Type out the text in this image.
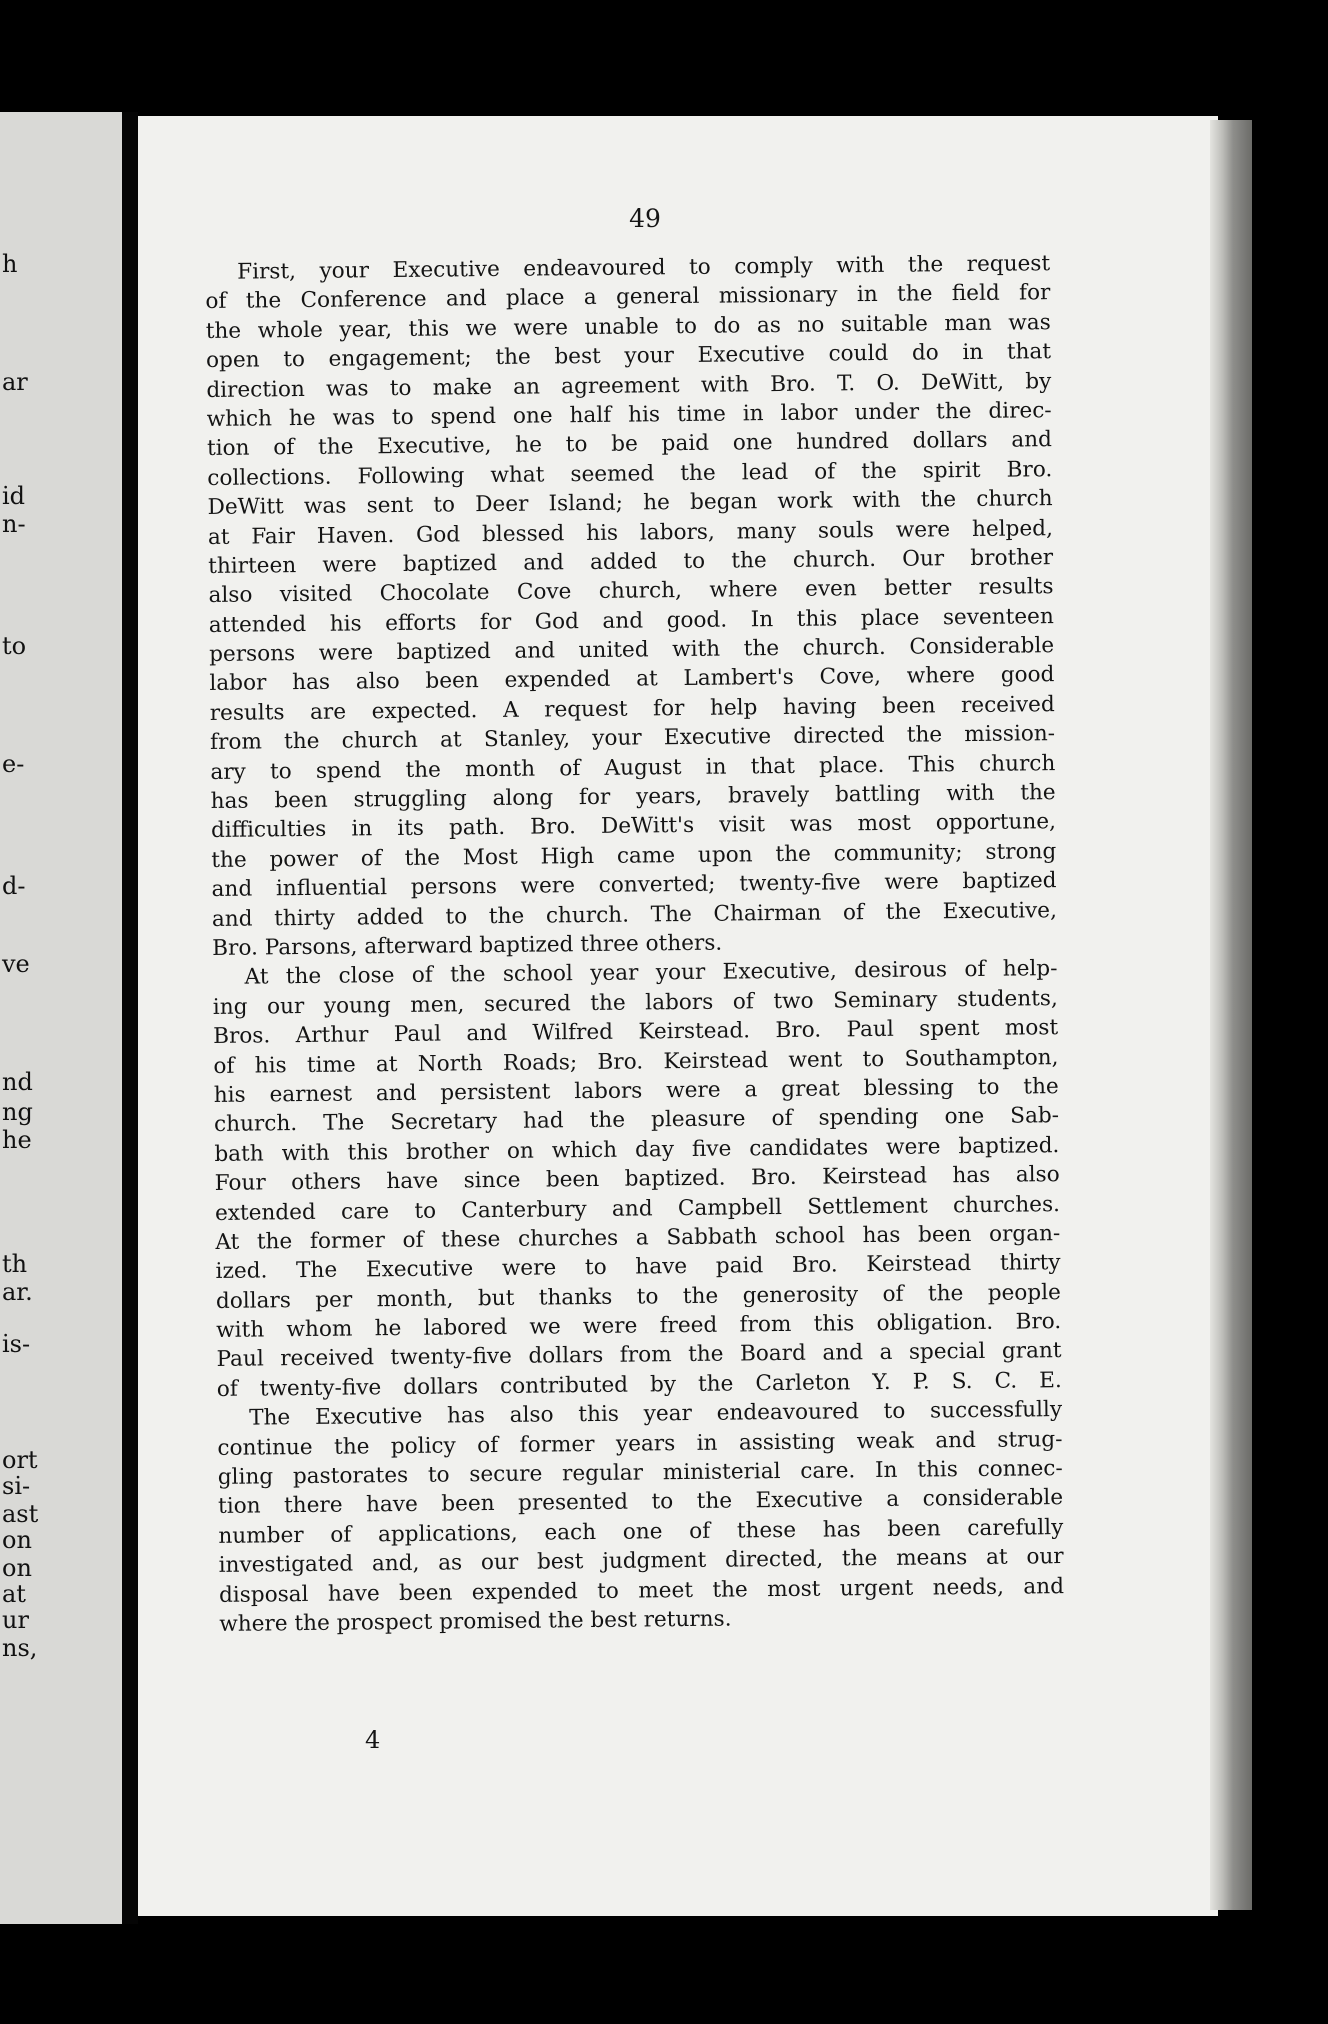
h
ar
id
n-
to
e-
d-
ve
nd
ng
he
th
ar.
is-
ort
si-
ast
on
on
at
ur
ns,
49
First, your Executive endeavoured to comply with the request
of the Conference and place a general missionary in the field for
the whole year, this we were unable to do as no suitable man was
open to engagement; the best your Executive could do in that
direction was to make an agreement with Bro. T. O. DeWitt, by
which he was to spend one half his time in labor under the direc-
tion of the Executive, he to be paid one hundred dollars and
collections. Following what seemed the lead of the spirit Bro.
DeWitt was sent to Deer Island; he began work with the church
at Fair Haven. God blessed his labors, many souls were helped,
thirteen were baptized and added to the church. Our brother
also visited Chocolate Cove church, where even better results
attended his efforts for God and good. In this place seventeen
persons were baptized and united with the church. Considerable
labor has also been expended at Lambert's Cove, where good
results are expected. A request for help having been received
from the church at Stanley, your Executive directed the mission-
ary to spend the month of August in that place. This church
has been struggling along for years, bravely battling with the
difficulties in its path. Bro. DeWitt's visit was most opportune,
the power of the Most High came upon the community; strong
and influential persons were converted; twenty-five were baptized
and thirty added to the church. The Chairman of the Executive,
Bro. Parsons, afterward baptized three others.
At the close of the school year your Executive, desirous of help-
ing our young men, secured the labors of two Seminary students,
Bros. Arthur Paul and Wilfred Keirstead. Bro. Paul spent most
of his time at North Roads; Bro. Keirstead went to Southampton,
his earnest and persistent labors were a great blessing to the
church. The Secretary had the pleasure of spending one Sab-
bath with this brother on which day five candidates were baptized.
Four others have since been baptized. Bro. Keirstead has also
extended care to Canterbury and Campbell Settlement churches.
At the former of these churches a Sabbath school has been organ-
ized. The Executive were to have paid Bro. Keirstead thirty
dollars per month, but thanks to the generosity of the people
with whom he labored we were freed from this obligation. Bro.
Paul received twenty-five dollars from the Board and a special grant
of twenty-five dollars contributed by the Carleton Y. P. S. C. E.
The Executive has also this year endeavoured to successfully
continue the policy of former years in assisting weak and strug-
gling pastorates to secure regular ministerial care. In this connec-
tion there have been presented to the Executive a considerable
number of applications, each one of these has been carefully
investigated and, as our best judgment directed, the means at our
disposal have been expended to meet the most urgent needs, and
where the prospect promised the best returns.
4
